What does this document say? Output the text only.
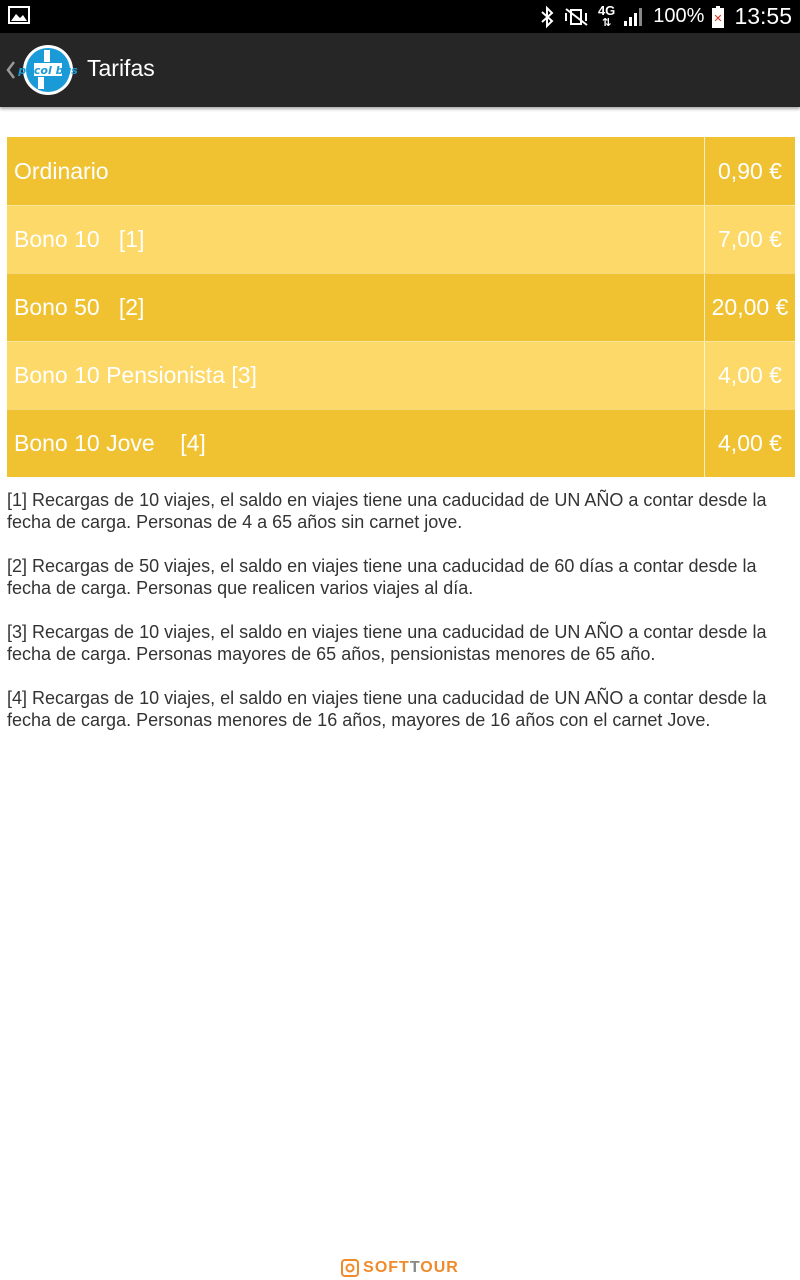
4G
⇅ 100% ✕ 13:55
pucol bus Tarifas
Ordinario	0,90 €
Bono 10   [1]	7,00 €
Bono 50   [2]	20,00 €
Bono 10 Pensionista [3]	4,00 €
Bono 10 Jove    [4]	4,00 €

[1] Recargas de 10 viajes, el saldo en viajes tiene una caducidad de UN AÑO a contar desde la fecha de carga. Personas de 4 a 65 años sin carnet jove.

[2] Recargas de 50 viajes, el saldo en viajes tiene una caducidad de 60 días a contar desde la fecha de carga. Personas que realicen varios viajes al día.

[3] Recargas de 10 viajes, el saldo en viajes tiene una caducidad de UN AÑO a contar desde la fecha de carga. Personas mayores de 65 años, pensionistas menores de 65 año.

[4] Recargas de 10 viajes, el saldo en viajes tiene una caducidad de UN AÑO a contar desde la fecha de carga. Personas menores de 16 años, mayores de 16 años con el carnet Jove.

SOFTTOUR
